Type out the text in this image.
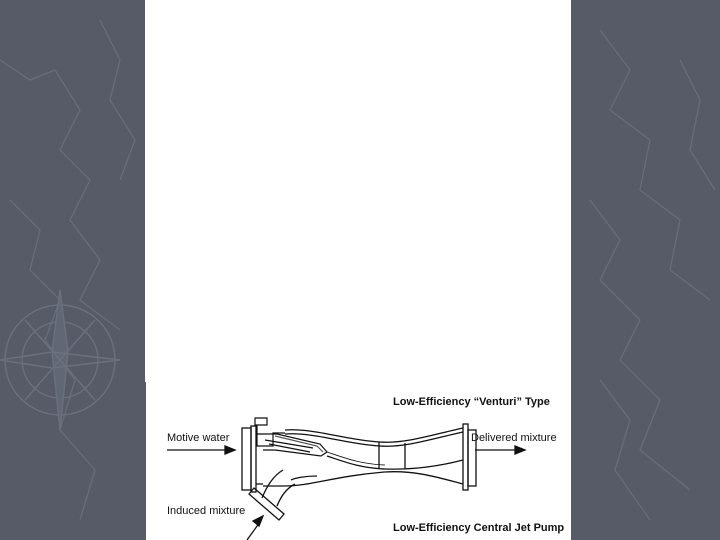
Low-Efficiency “Venturi” Type
Motive water	Delivered mixture
Induced mixture
Low-Efficiency Central Jet Pump
